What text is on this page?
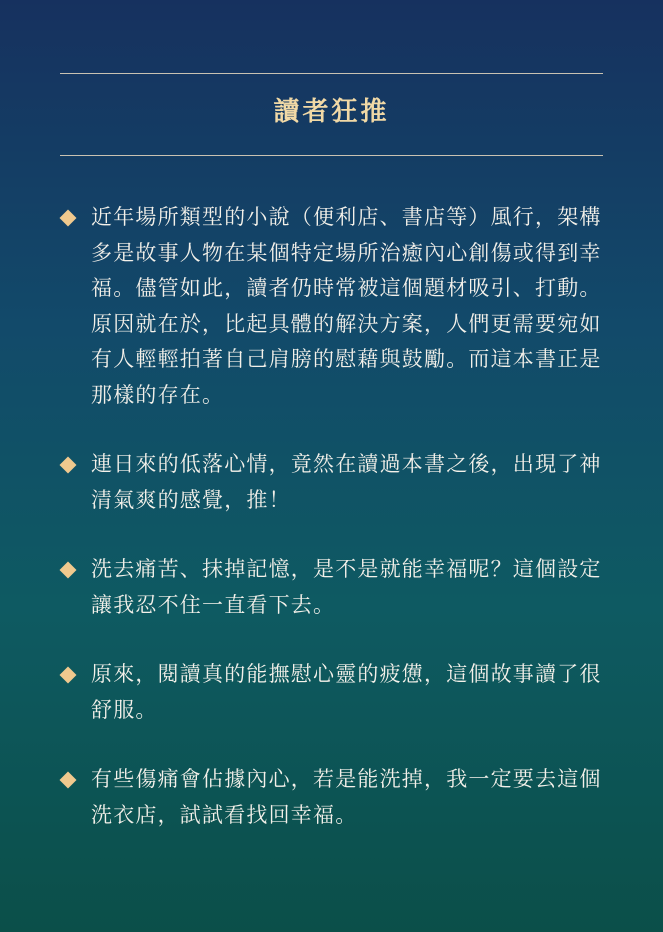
讀者狂推
近年場所類型的小說（便利店、書店等）風行，架構多是故事人物在某個特定場所治癒內心創傷或得到幸福。儘管如此，讀者仍時常被這個題材吸引、打動。原因就在於，比起具體的解決方案，人們更需要宛如有人輕輕拍著自己肩膀的慰藉與鼓勵。而這本書正是那樣的存在。
連日來的低落心情，竟然在讀過本書之後，出現了神清氣爽的感覺，推！
洗去痛苦、抹掉記憶，是不是就能幸福呢？這個設定讓我忍不住一直看下去。
原來，閱讀真的能撫慰心靈的疲憊，這個故事讀了很舒服。
有些傷痛會佔據內心，若是能洗掉，我一定要去這個洗衣店，試試看找回幸福。
